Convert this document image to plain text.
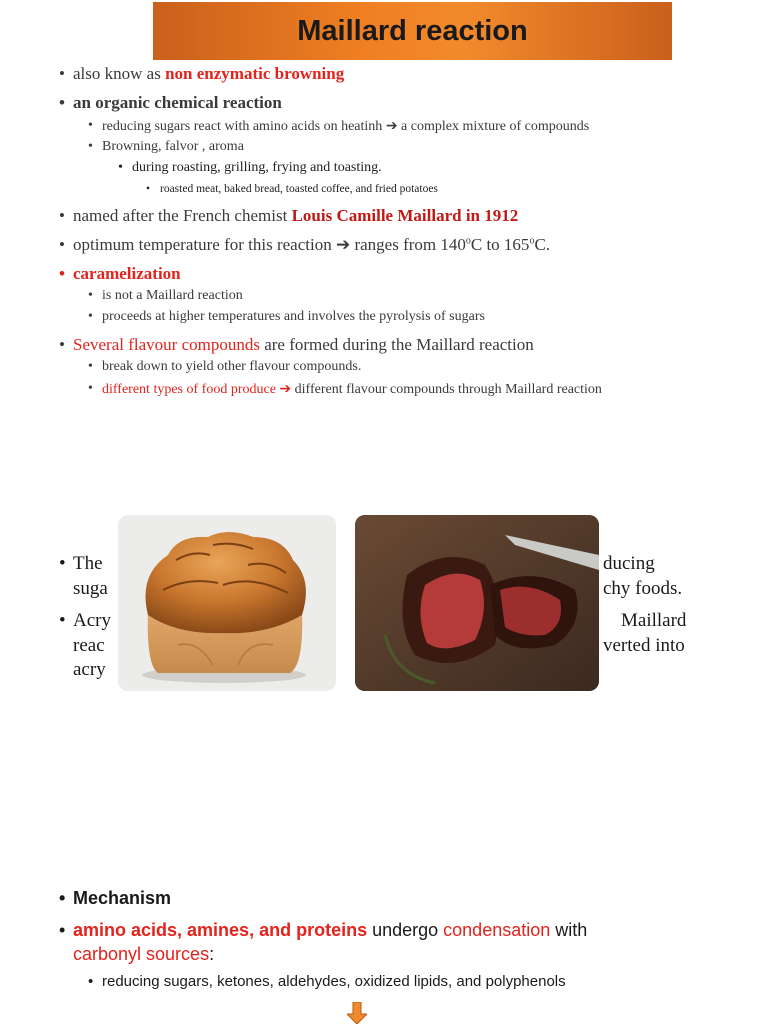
Maillard reaction
• also know as non enzymatic browning
• an organic chemical reaction
• reducing sugars react with amino acids on heatinh ➔ a complex mixture of compounds
• Browning, falvor , aroma
• during roasting, grilling, frying and toasting.
• roasted meat, baked bread, toasted coffee, and fried potatoes
• named after the French chemist Louis Camille Maillard in 1912
• optimum temperature for this reaction ➔ ranges from 140$^o$C to 165$^o$C.
• caramelization
• is not a Maillard reaction
• proceeds at higher temperatures and involves the pyrolysis of sugars
• Several flavour compounds are formed during the Maillard reaction
• break down to yield other flavour compounds.
• different types of food produce ➔ different flavour compounds through Maillard reaction
• The
suga
• Acry
reac
acry
ducing
chy foods.
Maillard
verted into
• Mechanism
• amino acids, amines, and proteins undergo condensation with
carbonyl sources:
• reducing sugars, ketones, aldehydes, oxidized lipids, and polyphenols
